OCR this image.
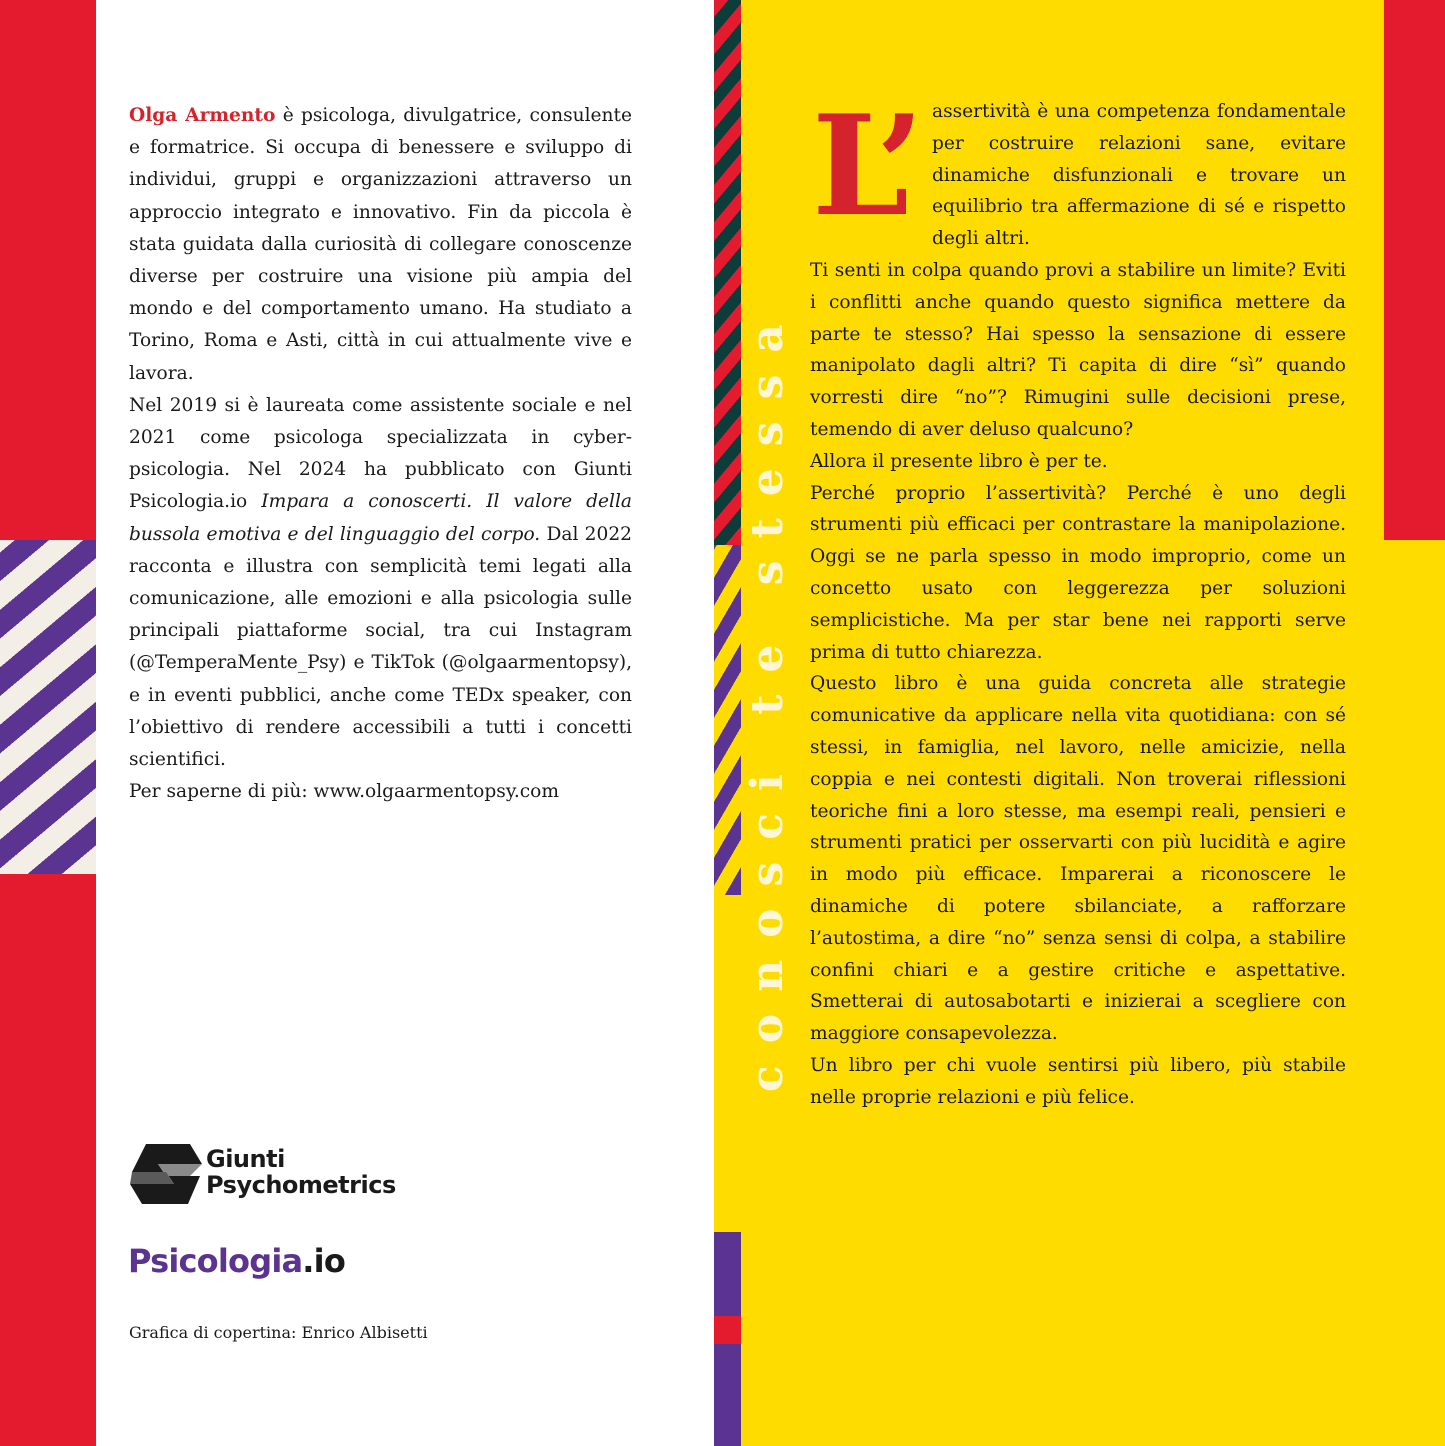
conosci te stessa

Olga Armento è psicologa, divulgatrice, consulente e formatrice. Si occupa di benessere e sviluppo di individui, gruppi e organizzazioni attraverso un approccio integrato e innovativo. Fin da piccola è stata guidata dalla curiosità di collegare conoscenze diverse per costruire una visione più ampia del mondo e del comportamento umano. Ha studiato a Torino, Roma e Asti, città in cui attualmente vive e lavora.

Nel 2019 si è laureata come assistente sociale e nel 2021 come psicologa specializzata in cyber-psicologia. Nel 2024 ha pubblicato con Giunti Psicologia.io Impara a conoscerti. Il valore della bussola emotiva e del linguaggio del corpo. Dal 2022 racconta e illustra con semplicità temi legati alla comunicazione, alle emozioni e alla psicologia sulle principali piattaforme social, tra cui Instagram (@TemperaMente_Psy) e TikTok (@olgaarmentopsy), e in eventi pubblici, anche come TEDx speaker, con l’obiettivo di rendere accessibili a tutti i concetti scientifici.

Per saperne di più: www.olgaarmentopsy.com

Giunti
Psychometrics
Psicologia.io
Grafica di copertina: Enrico Albisetti
L’ assertività è una competenza fondamentale per costruire relazioni sane, evitare dinamiche disfunzionali e trovare un equilibrio tra affermazione di sé e rispetto degli altri.

Ti senti in colpa quando provi a stabilire un limite? Eviti i conflitti anche quando questo significa mettere da parte te stesso? Hai spesso la sensazione di essere manipolato dagli altri? Ti capita di dire “sì” quando vorresti dire “no”? Rimugini sulle decisioni prese, temendo di aver deluso qualcuno?

Allora il presente libro è per te.

Perché proprio l’assertività? Perché è uno degli strumenti più efficaci per contrastare la manipolazione. Oggi se ne parla spesso in modo improprio, come un concetto usato con leggerezza per soluzioni semplicistiche. Ma per star bene nei rapporti serve prima di tutto chiarezza.

Questo libro è una guida concreta alle strategie comunicative da applicare nella vita quotidiana: con sé stessi, in famiglia, nel lavoro, nelle amicizie, nella coppia e nei contesti digitali. Non troverai riflessioni teoriche fini a loro stesse, ma esempi reali, pensieri e strumenti pratici per osservarti con più lucidità e agire in modo più efficace. Imparerai a riconoscere le dinamiche di potere sbilanciate, a rafforzare l’autostima, a dire “no” senza sensi di colpa, a stabilire confini chiari e a gestire critiche e aspettative. Smetterai di autosabotarti e inizierai a scegliere con maggiore consapevolezza.

Un libro per chi vuole sentirsi più libero, più stabile nelle proprie relazioni e più felice.
